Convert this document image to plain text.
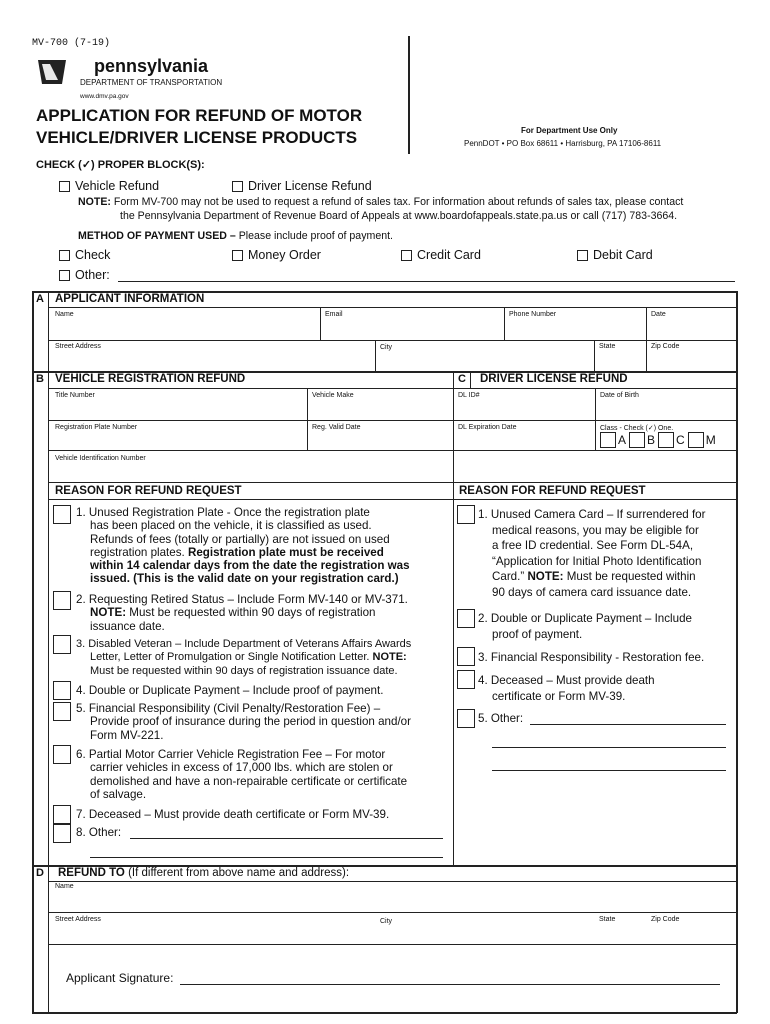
MV-700 (7-19)
pennsylvania
DEPARTMENT OF TRANSPORTATION
www.dmv.pa.gov
APPLICATION FOR REFUND OF MOTOR
VEHICLE/DRIVER LICENSE PRODUCTS	For Department Use Only
PennDOT • PO Box 68611 • Harrisburg, PA 17106-8611
CHECK (✓) PROPER BLOCK(S):
Vehicle Refund	Driver License Refund
NOTE: Form MV-700 may not be used to request a refund of sales tax. For information about refunds of sales tax, please contact
the Pennsylvania Department of Revenue Board of Appeals at www.boardofappeals.state.pa.us or call (717) 783-3664.
METHOD OF PAYMENT USED – Please include proof of payment.
Check	Money Order	Credit Card	Debit Card
Other:
A APPLICANT INFORMATION
Name	Email	Phone Number	Date
Street Address	City	State	Zip Code
B VEHICLE REGISTRATION REFUND	C	DRIVER LICENSE REFUND
Title Number	Vehicle Make
Registration Plate Number	Reg. Valid Date
Vehicle Identification Number
DL ID#	Date of Birth
DL Expiration Date	Class - Check (✓) One.
A B C M
REASON FOR REFUND REQUEST	REASON FOR REFUND REQUEST
1. Unused Registration Plate - Once the registration plate
has been placed on the vehicle, it is classified as used.
Refunds of fees (totally or partially) are not issued on used
registration plates. Registration plate must be received
within 14 calendar days from the date the registration was
issued. (This is the valid date on your registration card.)
2. Requesting Retired Status – Include Form MV-140 or MV-371.
NOTE: Must be requested within 90 days of registration
issuance date.
3. Disabled Veteran – Include Department of Veterans Affairs Awards
Letter, Letter of Promulgation or Single Notification Letter. NOTE:
Must be requested within 90 days of registration issuance date.
4. Double or Duplicate Payment – Include proof of payment.
5. Financial Responsibility (Civil Penalty/Restoration Fee) –
Provide proof of insurance during the period in question and/or
Form MV-221.
6. Partial Motor Carrier Vehicle Registration Fee – For motor
carrier vehicles in excess of 17,000 lbs. which are stolen or
demolished and have a non-repairable certificate or certificate
of salvage.
7. Deceased – Must provide death certificate or Form MV-39.
8. Other:
1. Unused Camera Card – If surrendered for
medical reasons, you may be eligible for
a free ID credential. See Form DL-54A,
“Application for Initial Photo Identification
Card.” NOTE: Must be requested within
90 days of camera card issuance date.
2. Double or Duplicate Payment – Include
proof of payment.
3. Financial Responsibility - Restoration fee.
4. Deceased – Must provide death
certificate or Form MV-39.
5. Other:
D	REFUND TO (If different from above name and address):
Name
Street Address	City	State	Zip Code
Applicant Signature:
